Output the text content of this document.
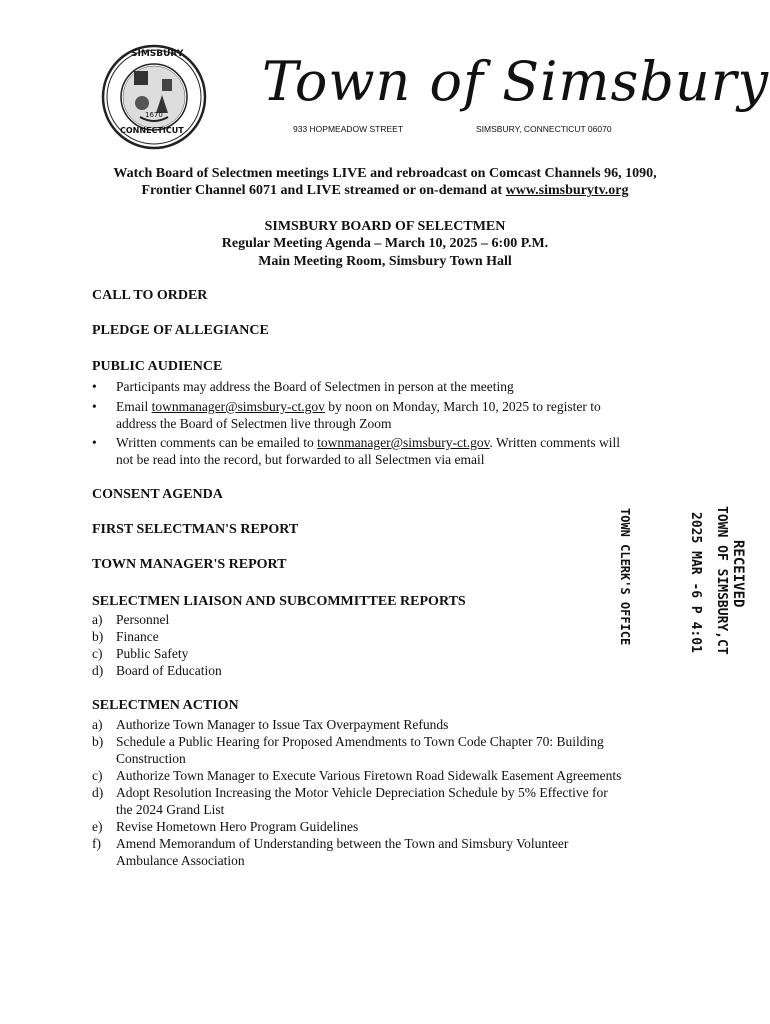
SIMSBURY
1670
CONNECTICUT
Town of Simsbury
933 HOPMEADOW STREET	SIMSBURY, CONNECTICUT 06070
Watch Board of Selectmen meetings LIVE and rebroadcast on Comcast Channels 96, 1090,
Frontier Channel 6071 and LIVE streamed or on-demand at www.simsburytv.org
SIMSBURY BOARD OF SELECTMEN
Regular Meeting Agenda – March 10, 2025 – 6:00 P.M.
Main Meeting Room, Simsbury Town Hall
CALL TO ORDER
PLEDGE OF ALLEGIANCE
PUBLIC AUDIENCE
• Participants may address the Board of Selectmen in person at the meeting
• Email townmanager@simsbury-ct.gov by noon on Monday, March 10, 2025 to register to
address the Board of Selectmen live through Zoom
• Written comments can be emailed to townmanager@simsbury-ct.gov. Written comments will
not be read into the record, but forwarded to all Selectmen via email
CONSENT AGENDA
FIRST SELECTMAN'S REPORT
TOWN MANAGER'S REPORT
SELECTMEN LIAISON AND SUBCOMMITTEE REPORTS
a) Personnel
b) Finance
c) Public Safety
d) Board of Education
SELECTMEN ACTION
a) Authorize Town Manager to Issue Tax Overpayment Refunds
b) Schedule a Public Hearing for Proposed Amendments to Town Code Chapter 70: Building
Construction
c) Authorize Town Manager to Execute Various Firetown Road Sidewalk Easement Agreements
d) Adopt Resolution Increasing the Motor Vehicle Depreciation Schedule by 5% Effective for
the 2024 Grand List
e) Revise Hometown Hero Program Guidelines
f) Amend Memorandum of Understanding between the Town and Simsbury Volunteer
Ambulance Association
TOWN CLERK'S OFFICE	2025 MAR -6 P 4:01 RECEIVED
TOWN OF SIMSBURY,CT
